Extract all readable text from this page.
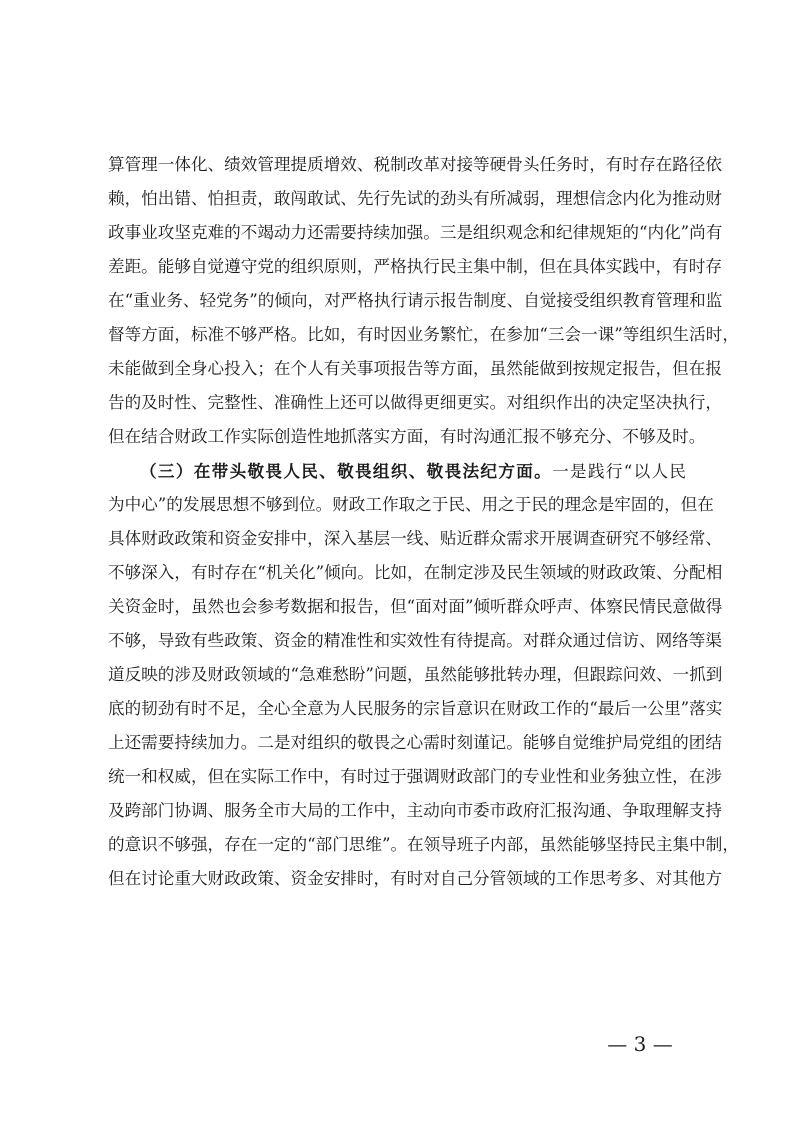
算管理一体化、绩效管理提质增效、税制改革对接等硬骨头任务时，有时存在路径依
赖，怕出错、怕担责，敢闯敢试、先行先试的劲头有所减弱，理想信念内化为推动财
政事业攻坚克难的不竭动力还需要持续加强。三是组织观念和纪律规矩的“内化”尚有
差距。能够自觉遵守党的组织原则，严格执行民主集中制，但在具体实践中，有时存
在“重业务、轻党务”的倾向，对严格执行请示报告制度、自觉接受组织教育管理和监
督等方面，标准不够严格。比如，有时因业务繁忙，在参加“三会一课”等组织生活时，
未能做到全身心投入；在个人有关事项报告等方面，虽然能做到按规定报告，但在报
告的及时性、完整性、准确性上还可以做得更细更实。对组织作出的决定坚决执行，
但在结合财政工作实际创造性地抓落实方面，有时沟通汇报不够充分、不够及时。
（三）在带头敬畏人民、敬畏组织、敬畏法纪方面。一是践行“以人民
为中心”的发展思想不够到位。财政工作取之于民、用之于民的理念是牢固的，但在
具体财政政策和资金安排中，深入基层一线、贴近群众需求开展调查研究不够经常、
不够深入，有时存在“机关化”倾向。比如，在制定涉及民生领域的财政政策、分配相
关资金时，虽然也会参考数据和报告，但“面对面”倾听群众呼声、体察民情民意做得
不够，导致有些政策、资金的精准性和实效性有待提高。对群众通过信访、网络等渠
道反映的涉及财政领域的“急难愁盼”问题，虽然能够批转办理，但跟踪问效、一抓到
底的韧劲有时不足，全心全意为人民服务的宗旨意识在财政工作的“最后一公里”落实
上还需要持续加力。二是对组织的敬畏之心需时刻谨记。能够自觉维护局党组的团结
统一和权威，但在实际工作中，有时过于强调财政部门的专业性和业务独立性，在涉
及跨部门协调、服务全市大局的工作中，主动向市委市政府汇报沟通、争取理解支持
的意识不够强，存在一定的“部门思维”。在领导班子内部，虽然能够坚持民主集中制，
但在讨论重大财政政策、资金安排时，有时对自己分管领域的工作思考多、对其他方
— 3 —
